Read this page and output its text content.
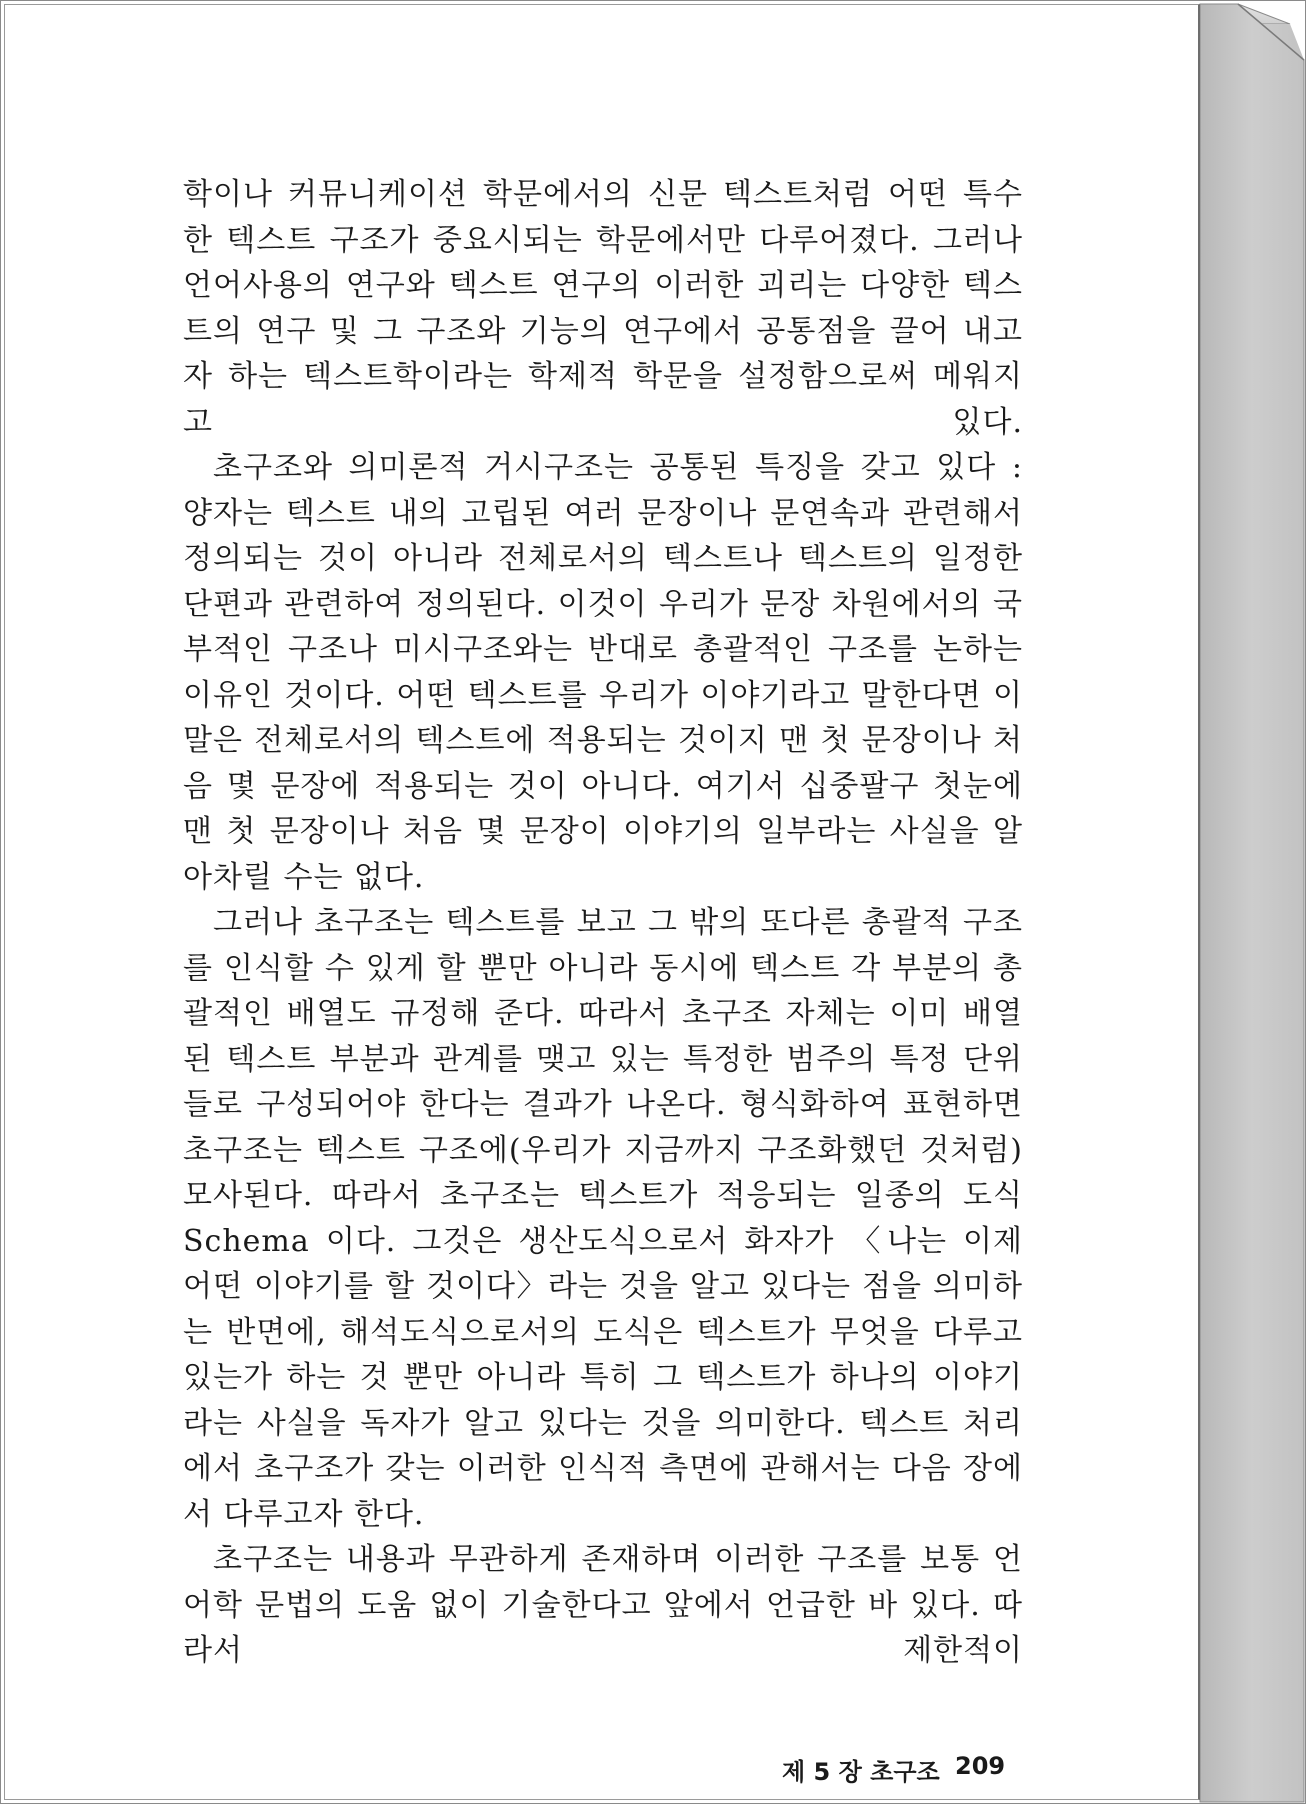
학이나 커뮤니케이션 학문에서의 신문 텍스트처럼 어떤 특수한 텍스트 구조가 중요시되는 학문에서만 다루어졌다. 그러나 언어사용의 연구와 텍스트 연구의 이러한 괴리는 다양한 텍스트의 연구 및 그 구조와 기능의 연구에서 공통점을 끌어 내고자 하는 텍스트학이라는 학제적 학문을 설정함으로써 메워지고 있다.

초구조와 의미론적 거시구조는 공통된 특징을 갖고 있다 : 양자는 텍스트 내의 고립된 여러 문장이나 문연속과 관련해서 정의되는 것이 아니라 전체로서의 텍스트나 텍스트의 일정한 단편과 관련하여 정의된다. 이것이 우리가 문장 차원에서의 국부적인 구조나 미시구조와는 반대로 총괄적인 구조를 논하는 이유인 것이다. 어떤 텍스트를 우리가 이야기라고 말한다면 이 말은 전체로서의 텍스트에 적용되는 것이지 맨 첫 문장이나 처음 몇 문장에 적용되는 것이 아니다. 여기서 십중팔구 첫눈에 맨 첫 문장이나 처음 몇 문장이 이야기의 일부라는 사실을 알아차릴 수는 없다.

그러나 초구조는 텍스트를 보고 그 밖의 또다른 총괄적 구조를 인식할 수 있게 할 뿐만 아니라 동시에 텍스트 각 부분의 총괄적인 배열도 규정해 준다. 따라서 초구조 자체는 이미 배열된 텍스트 부분과 관계를 맺고 있는 특정한 범주의 특정 단위들로 구성되어야 한다는 결과가 나온다. 형식화하여 표현하면 초구조는 텍스트 구조에(우리가 지금까지 구조화했던 것처럼) 모사된다. 따라서 초구조는 텍스트가 적응되는 일종의 도식 Schema 이다. 그것은 생산도식으로서 화자가 〈나는 이제 어떤 이야기를 할 것이다〉라는 것을 알고 있다는 점을 의미하는 반면에, 해석도식으로서의 도식은 텍스트가 무엇을 다루고 있는가 하는 것 뿐만 아니라 특히 그 텍스트가 하나의 이야기라는 사실을 독자가 알고 있다는 것을 의미한다. 텍스트 처리에서 초구조가 갖는 이러한 인식적 측면에 관해서는 다음 장에서 다루고자 한다.

초구조는 내용과 무관하게 존재하며 이러한 구조를 보통 언어학 문법의 도움 없이 기술한다고 앞에서 언급한 바 있다. 따라서 제한적이

제 5 장 초구조 209
